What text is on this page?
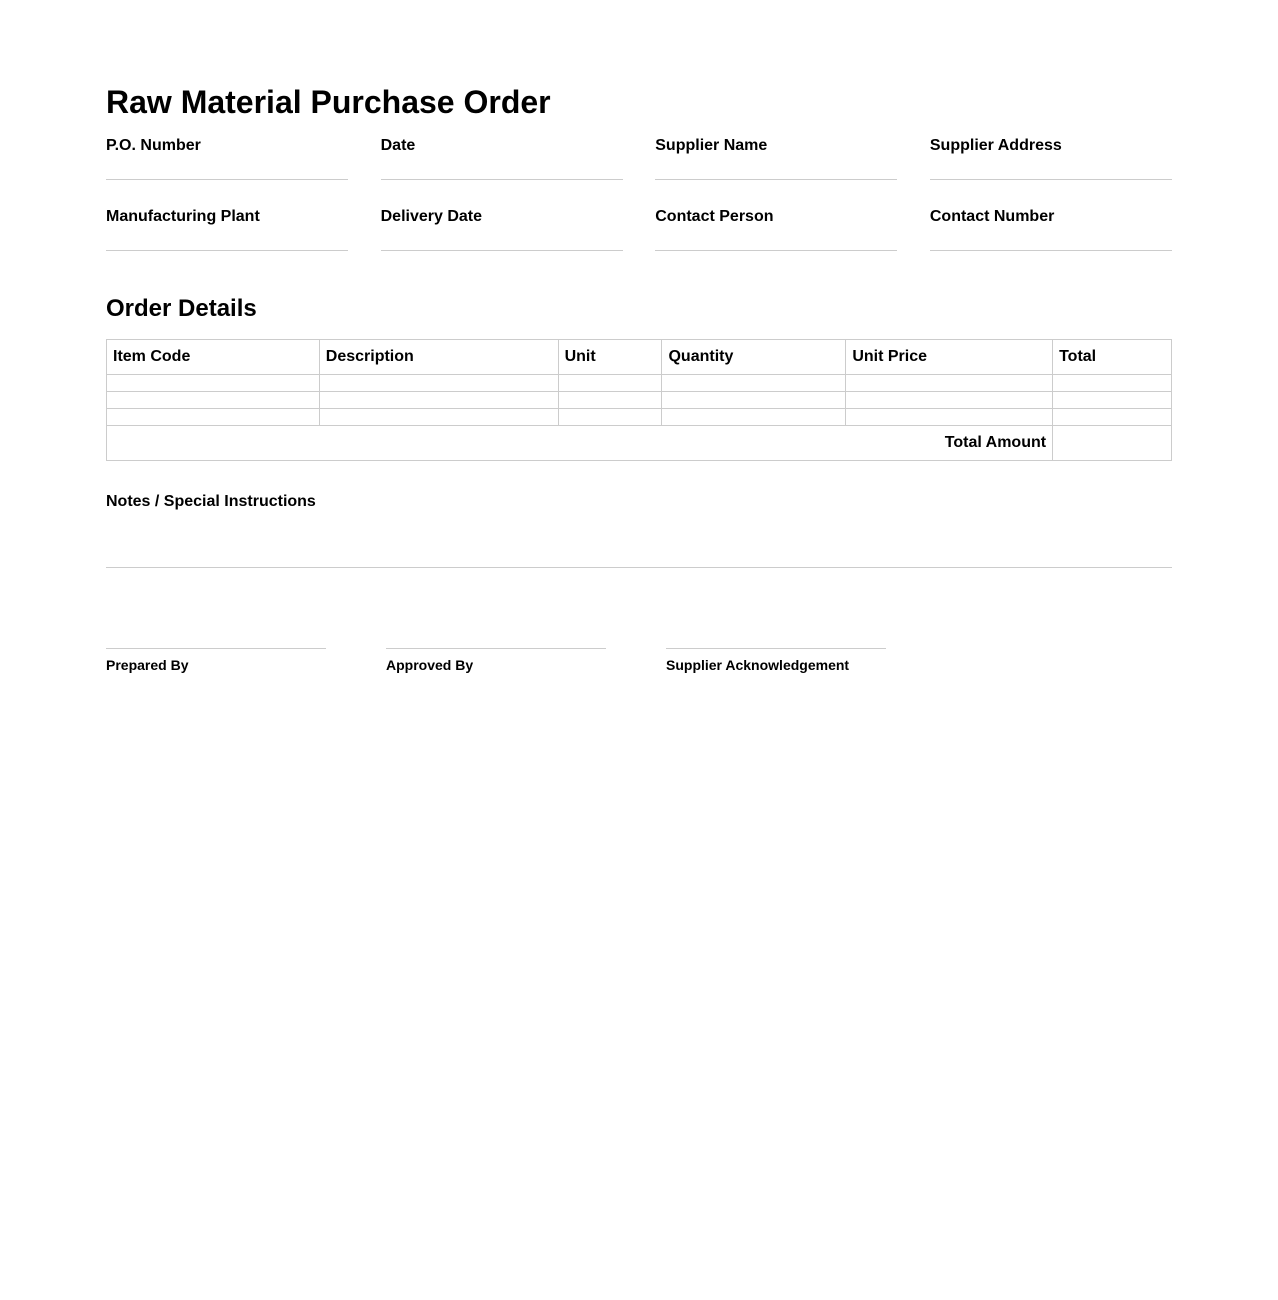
Raw Material Purchase Order
P.O. Number	Date	Supplier Name	Supplier Address
Manufacturing Plant	Delivery Date	Contact Person	Contact Number
Order Details
Item Code	Description	Unit	Quantity	Unit Price	Total

Total Amount					
Notes / Special Instructions
Prepared By	Approved By	Supplier Acknowledgement
